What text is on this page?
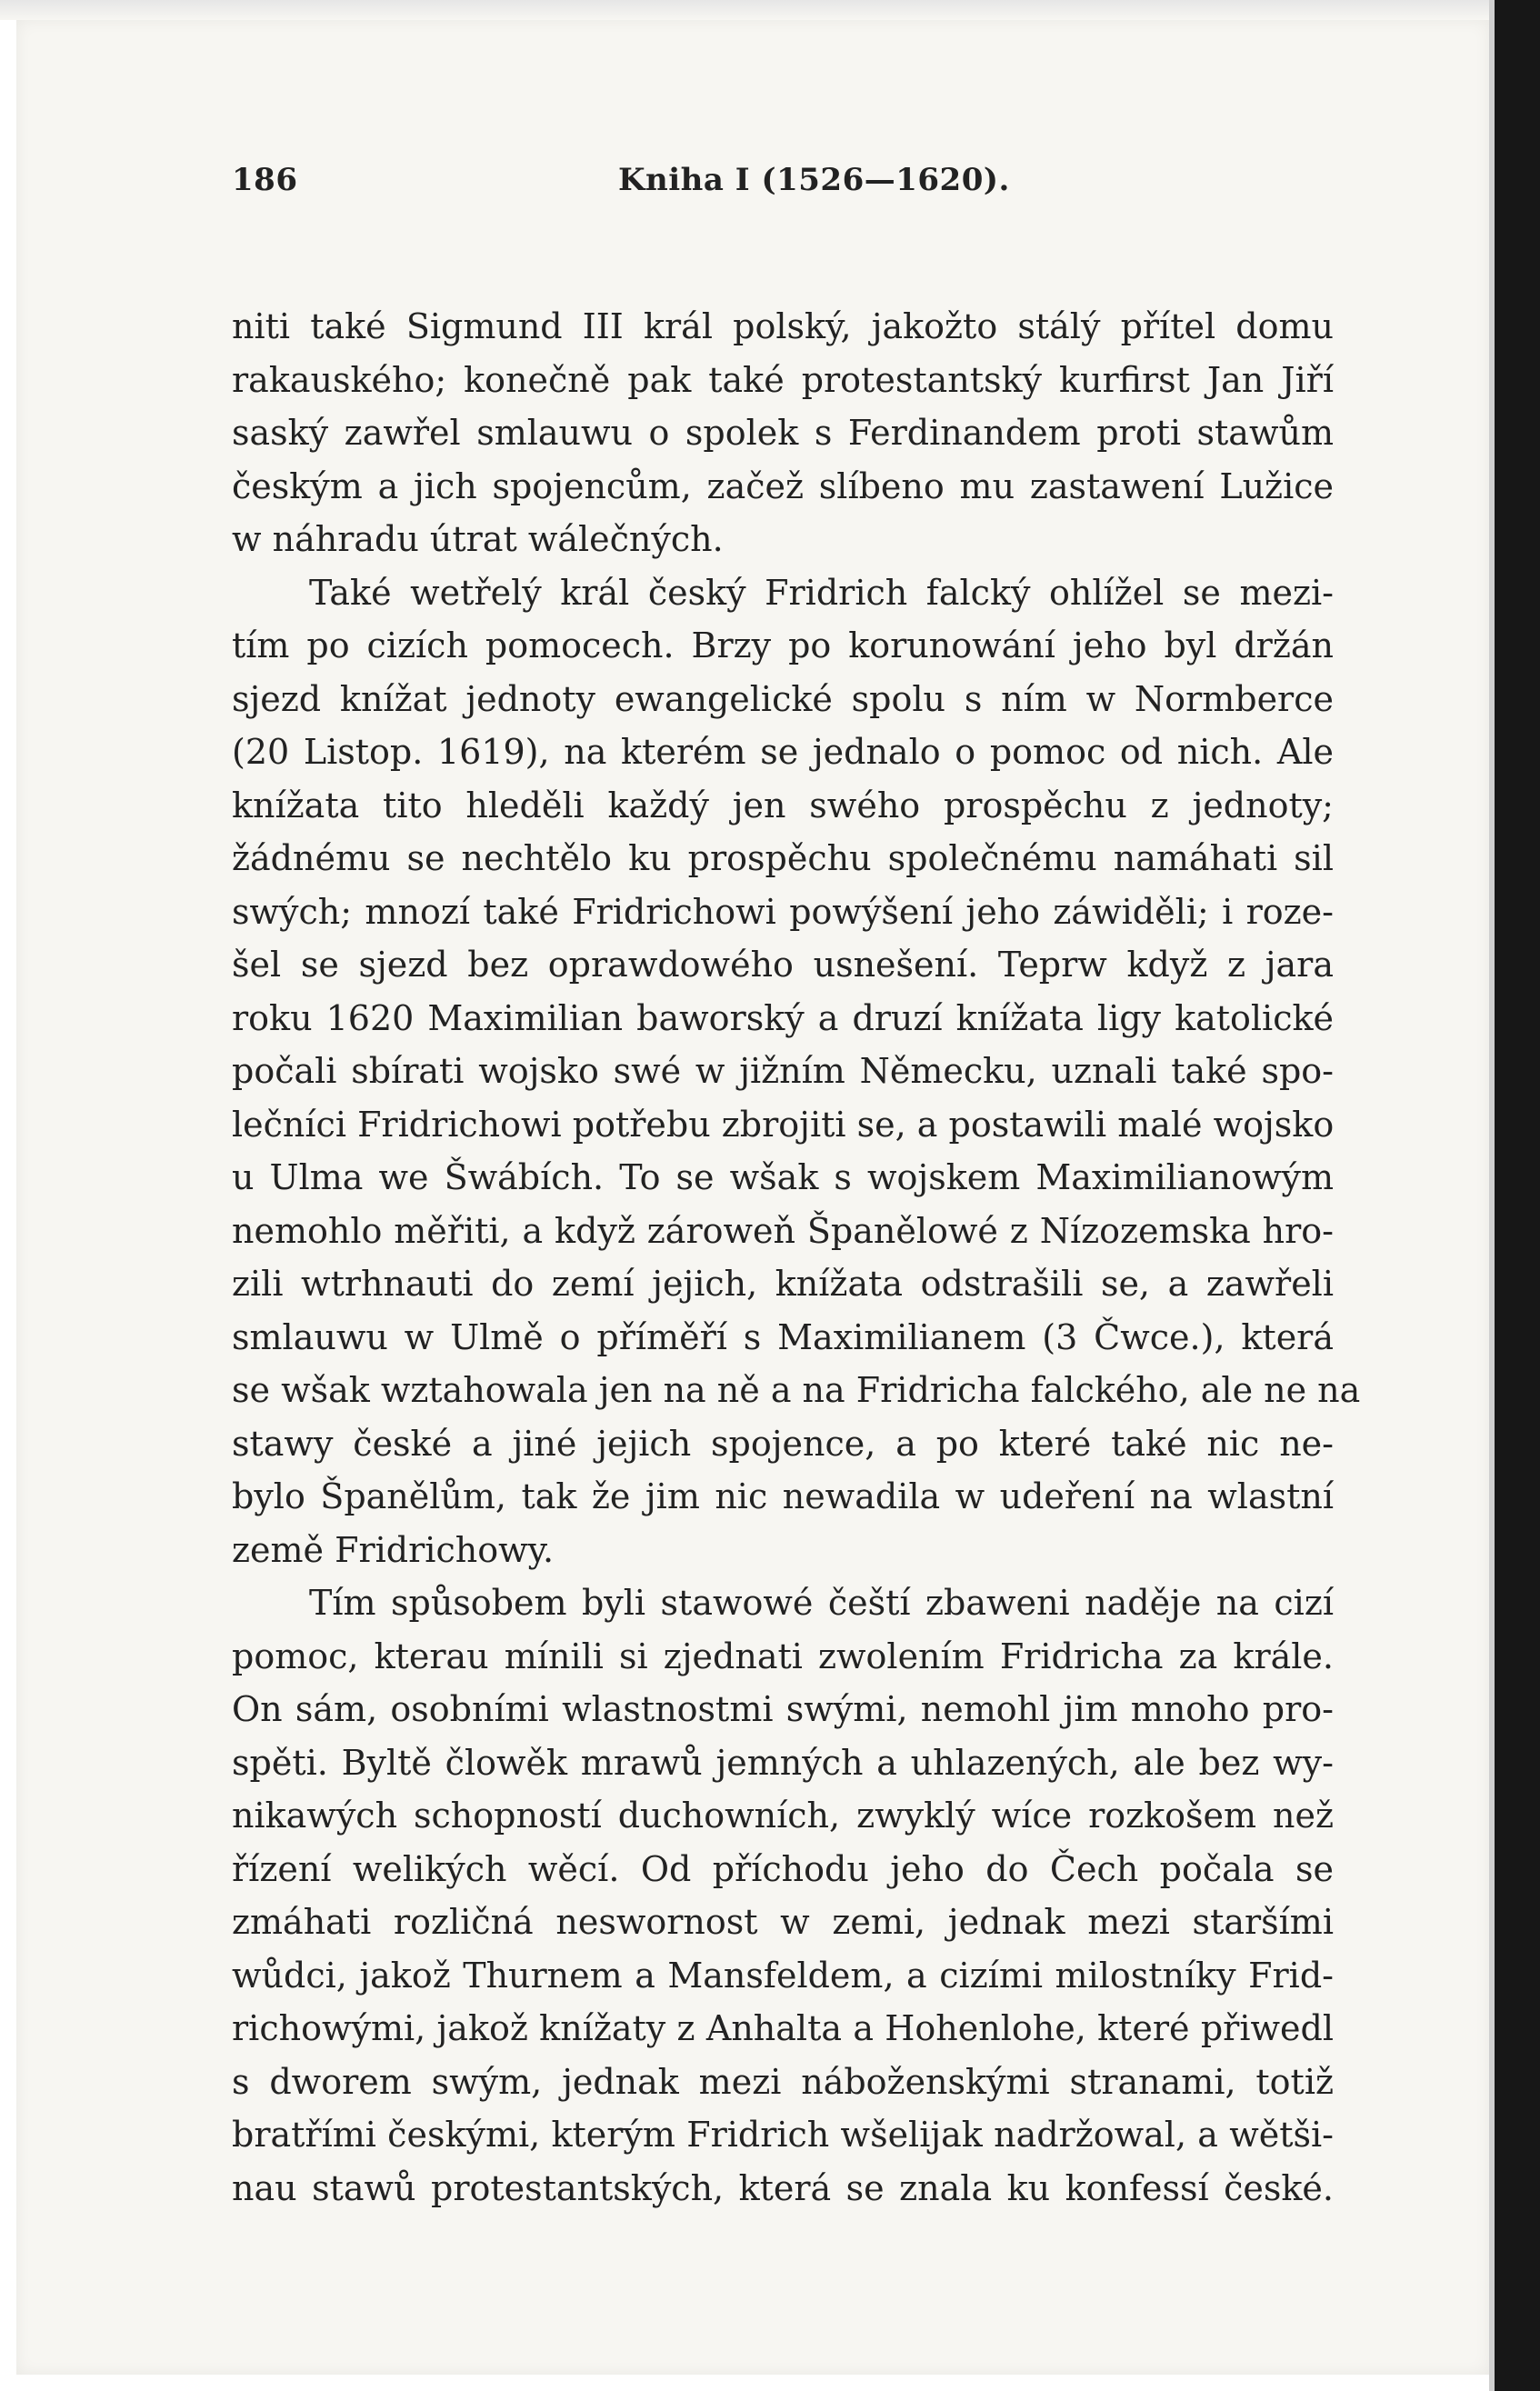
186	Kniha I (1526—1620).

niti také Sigmund III král polský, jakožto stálý přítel domu
rakauského; konečně pak také protestantský kurfirst Jan Jiří
saský zawřel smlauwu o spolek s Ferdinandem proti stawům
českým a jich spojencům, začež slíbeno mu zastawení Lužice
w náhradu útrat wálečných.

Také wetřelý král český Fridrich falcký ohlížel se mezi-
tím po cizích pomocech. Brzy po korunowání jeho byl držán
sjezd knížat jednoty ewangelické spolu s ním w Normberce
(20 Listop. 1619), na kterém se jednalo o pomoc od nich. Ale
knížata tito hleděli každý jen swého prospěchu z jednoty;
žádnému se nechtělo ku prospěchu společnému namáhati sil
swých; mnozí také Fridrichowi powýšení jeho záwiděli; i roze-
šel se sjezd bez oprawdowého usnešení. Teprw když z jara
roku 1620 Maximilian baworský a druzí knížata ligy katolické
počali sbírati wojsko swé w jižním Německu, uznali také spo-
lečníci Fridrichowi potřebu zbrojiti se, a postawili malé wojsko
u Ulma we Šwábích. To se wšak s wojskem Maximilianowým
nemohlo měřiti, a když zároweň Španělowé z Nízozemska hro-
zili wtrhnauti do zemí jejich, knížata odstrašili se, a zawřeli
smlauwu w Ulmě o příměří s Maximilianem (3 Čwce.), která
se wšak wztahowala jen na ně a na Fridricha falckého, ale ne na
stawy české a jiné jejich spojence, a po které také nic ne-
bylo Španělům, tak že jim nic newadila w udeření na wlastní
země Fridrichowy.

Tím spůsobem byli stawowé čeští zbaweni naděje na cizí
pomoc, kterau mínili si zjednati zwolením Fridricha za krále.
On sám, osobními wlastnostmi swými, nemohl jim mnoho pro-
spěti. Byltě člowěk mrawů jemných a uhlazených, ale bez wy-
nikawých schopností duchowních, zwyklý wíce rozkošem než
řízení welikých wěcí. Od příchodu jeho do Čech počala se
zmáhati rozličná neswornost w zemi, jednak mezi staršími
wůdci, jakož Thurnem a Mansfeldem, a cizími milostníky Frid-
richowými, jakož knížaty z Anhalta a Hohenlohe, které přiwedl
s dworem swým, jednak mezi náboženskými stranami, totiž
bratřími českými, kterým Fridrich wšelijak nadržowal, a wětši-
nau stawů protestantských, která se znala ku konfessí české.
